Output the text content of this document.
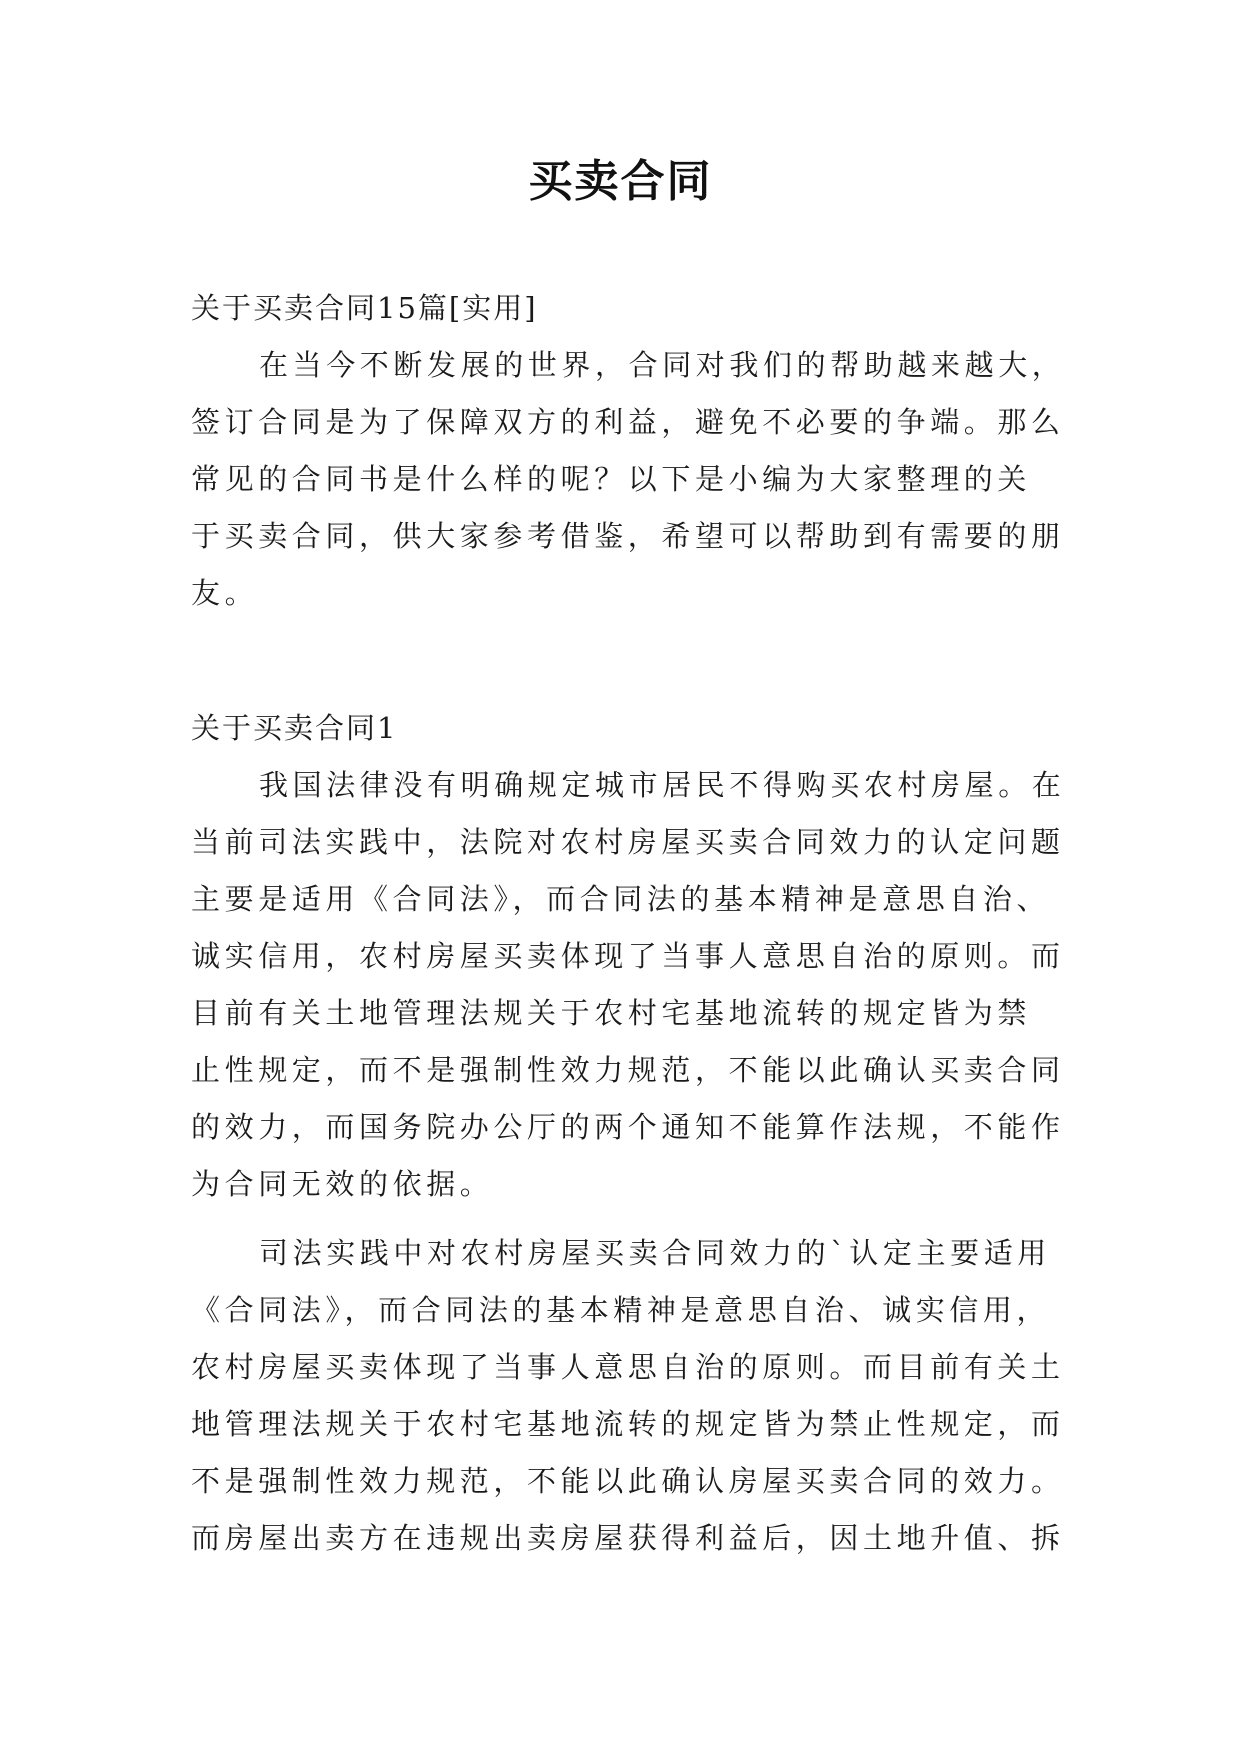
买卖合同
关于买卖合同15篇[实用]
在当今不断发展的世界，合同对我们的帮助越来越大，
签订合同是为了保障双方的利益，避免不必要的争端。那么
常见的合同书是什么样的呢？以下是小编为大家整理的关
于买卖合同，供大家参考借鉴，希望可以帮助到有需要的朋
友。
关于买卖合同1
我国法律没有明确规定城市居民不得购买农村房屋。在
当前司法实践中，法院对农村房屋买卖合同效力的认定问题
主要是适用《合同法》，而合同法的基本精神是意思自治、
诚实信用，农村房屋买卖体现了当事人意思自治的原则。而
目前有关土地管理法规关于农村宅基地流转的规定皆为禁
止性规定，而不是强制性效力规范，不能以此确认买卖合同
的效力，而国务院办公厅的两个通知不能算作法规，不能作
为合同无效的依据。
司法实践中对农村房屋买卖合同效力的`认定主要适用
《合同法》，而合同法的基本精神是意思自治、诚实信用，
农村房屋买卖体现了当事人意思自治的原则。而目前有关土
地管理法规关于农村宅基地流转的规定皆为禁止性规定，而
不是强制性效力规范，不能以此确认房屋买卖合同的效力。
而房屋出卖方在违规出卖房屋获得利益后，因土地升值、拆
